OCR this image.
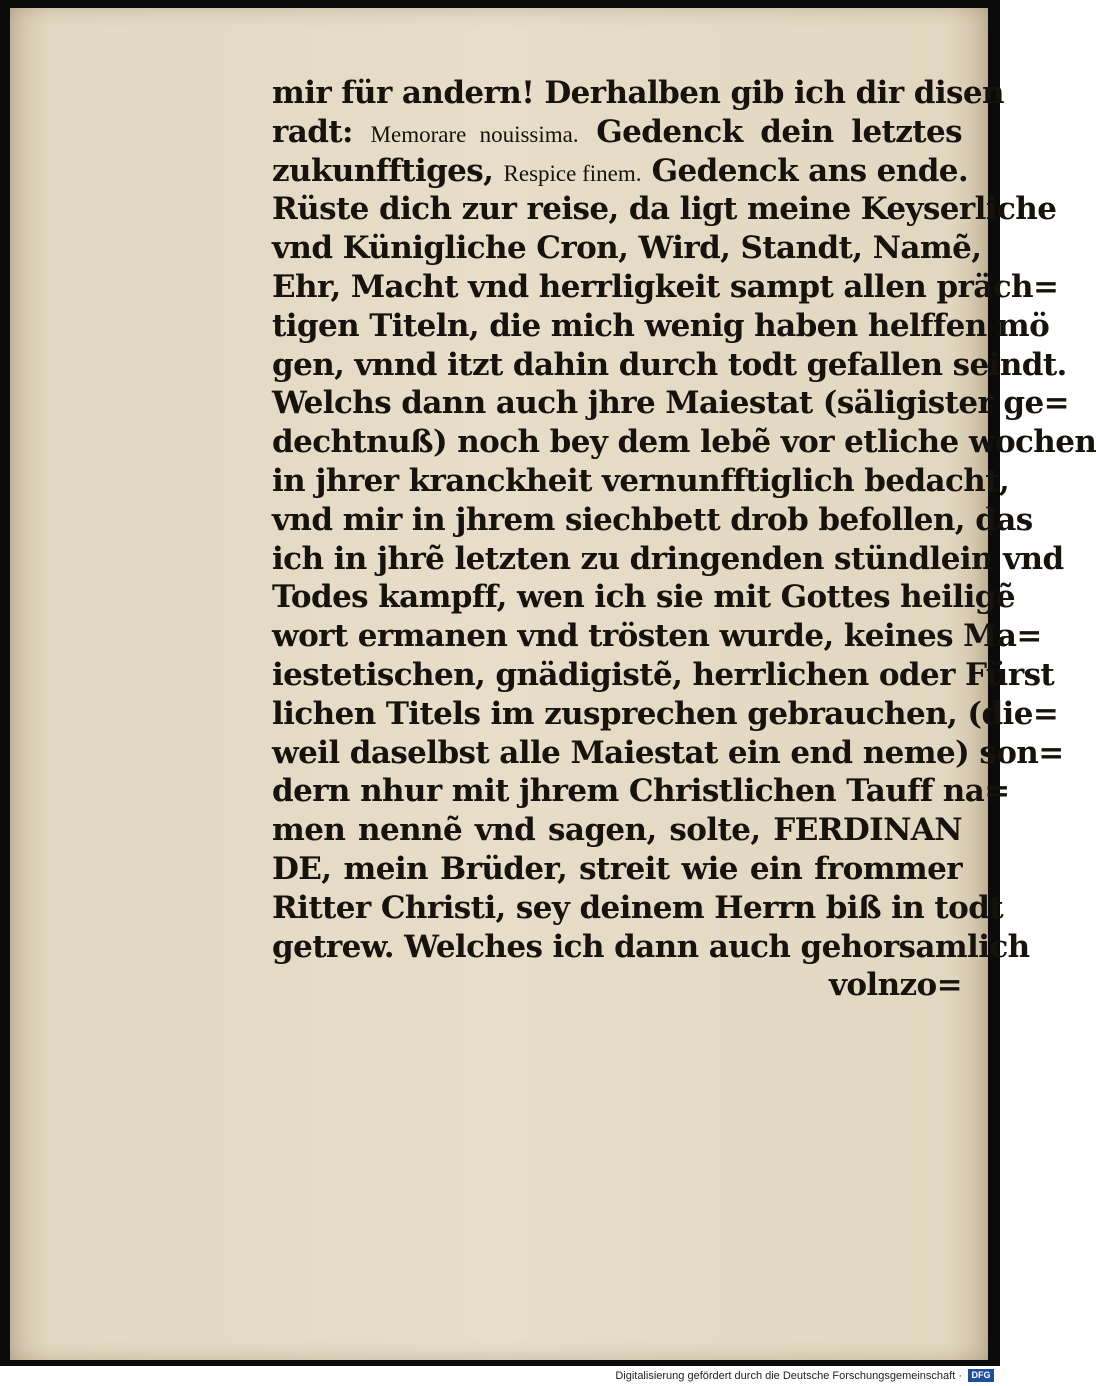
mir für andern! Derhalben gib ich dir disen
radt: Memorare nouissima. Gedenck dein letztes
zukunfftiges, Respice finem. Gedenck ans ende.
Rüste dich zur reise, da ligt meine Keyserliche
vnd Künigliche Cron, Wird, Standt, Namẽ,
Ehr, Macht vnd herrligkeit sampt allen präch=
tigen Titeln, die mich wenig haben helffen mö
gen, vnnd itzt dahin durch todt gefallen seindt.
Welchs dann auch jhre Maiestat (säligister ge=
dechtnuß) noch bey dem lebẽ vor etliche wochen
in jhrer kranckheit vernunfftiglich bedacht,
vnd mir in jhrem siechbett drob befollen, das
ich in jhrẽ letzten zu dringenden stündlein vnd
Todes kampff, wen ich sie mit Gottes heiligẽ
wort ermanen vnd trösten wurde, keines Ma=
iestetischen, gnädigistẽ, herrlichen oder Fürst
lichen Titels im zusprechen gebrauchen, (die=
weil daselbst alle Maiestat ein end neme) son=
dern nhur mit jhrem Christlichen Tauff na=
men nennẽ vnd sagen, solte, FERDINAN
DE, mein Brüder, streit wie ein frommer
Ritter Christi, sey deinem Herrn biß in todt
getrew. Welches ich dann auch gehorsamlich
volnzo=
Digitalisierung gefördert durch die Deutsche Forschungsgemeinschaft ·	DFG
